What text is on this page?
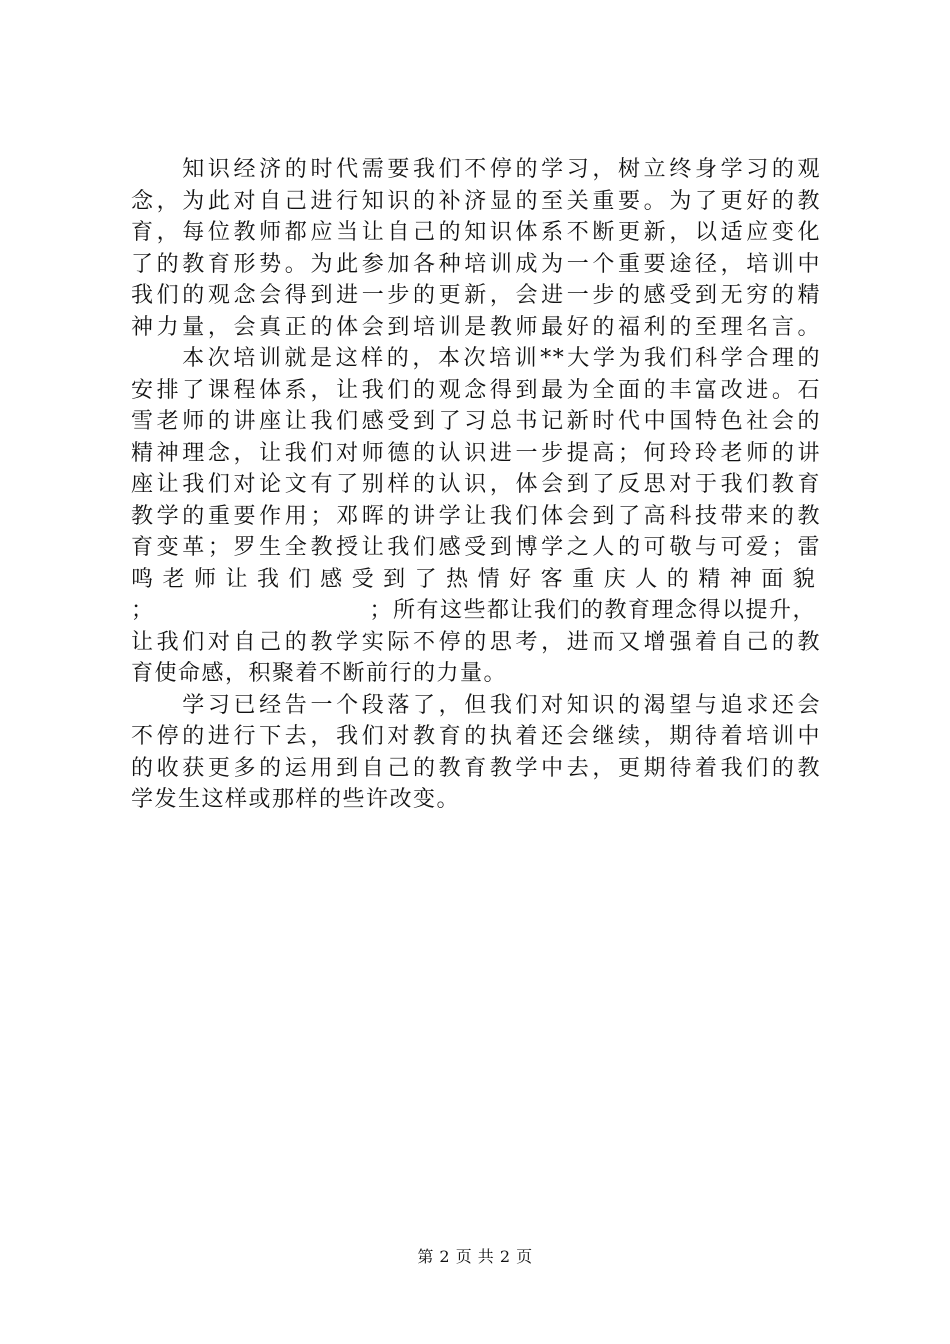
　　知识经济的时代需要我们不停的学习，树立终身学习的观
念，为此对自己进行知识的补济显的至关重要。为了更好的教
育，每位教师都应当让自己的知识体系不断更新，以适应变化
了的教育形势。为此参加各种培训成为一个重要途径，培训中
我们的观念会得到进一步的更新，会进一步的感受到无穷的精
神力量，会真正的体会到培训是教师最好的福利的至理名言。
　　本次培训就是这样的，本次培训**大学为我们科学合理的
安排了课程体系，让我们的观念得到最为全面的丰富改进。石
雪老师的讲座让我们感受到了习总书记新时代中国特色社会的
精神理念，让我们对师德的认识进一步提高；何玲玲老师的讲
座让我们对论文有了别样的认识，体会到了反思对于我们教育
教学的重要作用；邓晖的讲学让我们体会到了高科技带来的教
育变革；罗生全教授让我们感受到博学之人的可敬与可爱；雷
鸣老师让我们感受到了热情好客重庆人的精神面貌
；	；所有这些都让我们的教育理念得以提升，
让我们对自己的教学实际不停的思考，进而又增强着自己的教
育使命感，积聚着不断前行的力量。
　　学习已经告一个段落了，但我们对知识的渴望与追求还会
不停的进行下去，我们对教育的执着还会继续，期待着培训中
的收获更多的运用到自己的教育教学中去，更期待着我们的教
学发生这样或那样的些许改变。
第 2 页 共 2 页
